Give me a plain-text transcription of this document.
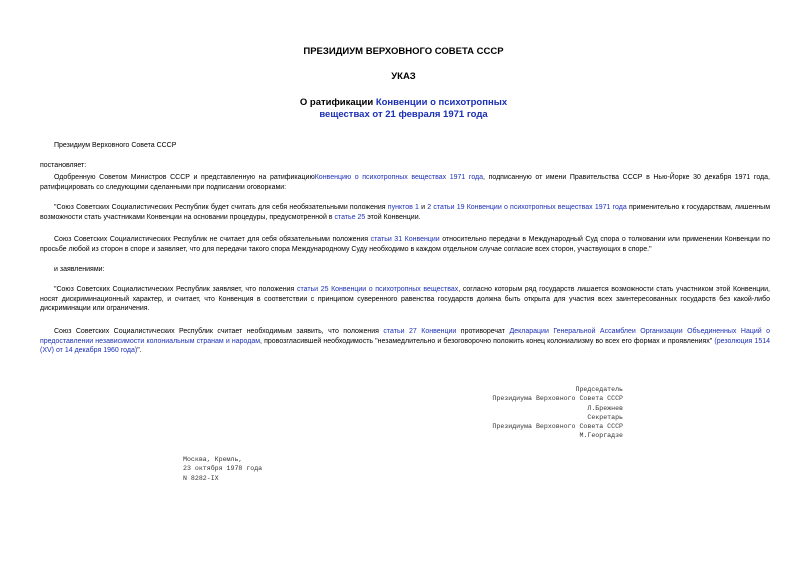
ПРЕЗИДИУМ ВЕРХОВНОГО СОВЕТА СССР
УКАЗ
О ратификации Конвенции о психотропных
веществах от 21 февраля 1971 года
Президиум Верховного Совета СССР
постановляет:
Одобренную Советом Министров СССР и представленную на ратификациюКонвенцию о психотропных веществах 1971 года, подписанную от имени Правительства СССР в Нью-Йорке 30 декабря 1971 года, ратифицировать со следующими сделанными при подписании оговорками:
"Союз Советских Социалистических Республик будет считать для себя необязательными положения пунктов 1 и 2 статьи 19 Конвенции о психотропных веществах 1971 года применительно к государствам, лишенным возможности стать участниками Конвенции на основании процедуры, предусмотренной в статье 25 этой Конвенции.
Союз Советских Социалистических Республик не считает для себя обязательными положения статьи 31 Конвенции относительно передачи в Международный Суд спора о толковании или применении Конвенции по просьбе любой из сторон в споре и заявляет, что для передачи такого спора Международному Суду необходимо в каждом отдельном случае согласие всех сторон, участвующих в споре."
и заявлениями:
"Союз Советских Социалистических Республик заявляет, что положения статьи 25 Конвенции о психотропных веществах, согласно которым ряд государств лишается возможности стать участником этой Конвенции, носят дискриминационный характер, и считает, что Конвенция в соответствии с принципом суверенного равенства государств должна быть открыта для участия всех заинтересованных государств без какой-либо дискриминации или ограничения.
Союз Советских Социалистических Республик считает необходимым заявить, что положения статьи 27 Конвенции противоречат Декларации Генеральной Ассамблеи Организации Объединенных Наций о предоставлении независимости колониальным странам и народам, провозгласившей необходимость "незамедлительно и безоговорочно положить конец колониализму во всех его формах и проявлениях" (резолюция 1514 (XV) от 14 декабря 1960 года)".
Председатель
Президиума Верховного Совета СССР
Л.Брежнев
Секретарь
Президиума Верховного Совета СССР
М.Георгадзе
Москва, Кремль,
23 октября 1978 года
N 8282-IX
